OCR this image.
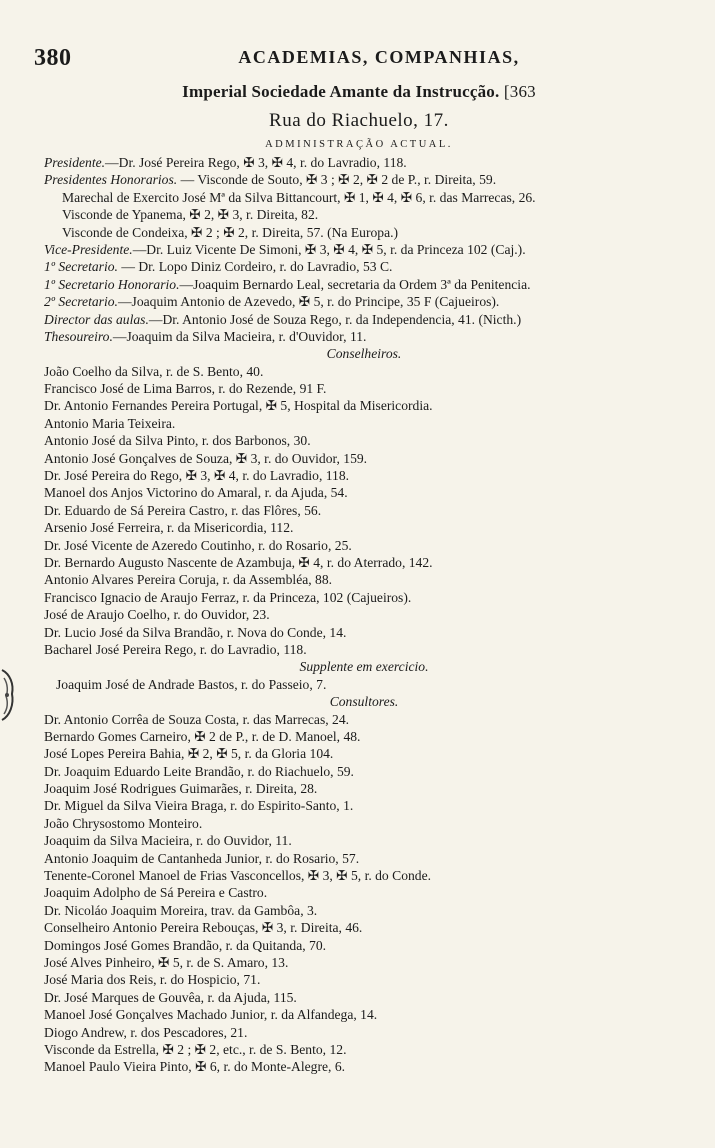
380	ACADEMIAS, COMPANHIAS,
Imperial Sociedade Amante da Instrucção. [363
Rua do Riachuelo, 17.
ADMINISTRAÇÃO ACTUAL.
Presidente.—Dr. José Pereira Rego, ✠ 3, ✠ 4, r. do Lavradio, 118.
Presidentes Honorarios. — Visconde de Souto, ✠ 3 ; ✠ 2, ✠ 2 de P., r. Direita, 59.
Marechal de Exercito José Mª da Silva Bittancourt, ✠ 1, ✠ 4, ✠ 6, r. das Marrecas, 26.
Visconde de Ypanema, ✠ 2, ✠ 3, r. Direita, 82.
Visconde de Condeixa, ✠ 2 ; ✠ 2, r. Direita, 57. (Na Europa.)
Vice-Presidente.—Dr. Luiz Vicente De Simoni, ✠ 3, ✠ 4, ✠ 5, r. da Princeza 102 (Caj.).
1º Secretario. — Dr. Lopo Diniz Cordeiro, r. do Lavradio, 53 C.
1º Secretario Honorario.—Joaquim Bernardo Leal, secretaria da Ordem 3ª da Penitencia.
2º Secretario.—Joaquim Antonio de Azevedo, ✠ 5, r. do Principe, 35 F (Cajueiros).
Director das aulas.—Dr. Antonio José de Souza Rego, r. da Independencia, 41. (Nicth.)
Thesoureiro.—Joaquim da Silva Macieira, r. d'Ouvidor, 11.
Conselheiros.
João Coelho da Silva, r. de S. Bento, 40.
Francisco José de Lima Barros, r. do Rezende, 91 F.
Dr. Antonio Fernandes Pereira Portugal, ✠ 5, Hospital da Misericordia.
Antonio Maria Teixeira.
Antonio José da Silva Pinto, r. dos Barbonos, 30.
Antonio José Gonçalves de Souza, ✠ 3, r. do Ouvidor, 159.
Dr. José Pereira do Rego, ✠ 3, ✠ 4, r. do Lavradio, 118.
Manoel dos Anjos Victorino do Amaral, r. da Ajuda, 54.
Dr. Eduardo de Sá Pereira Castro, r. das Flôres, 56.
Arsenio José Ferreira, r. da Misericordia, 112.
Dr. José Vicente de Azeredo Coutinho, r. do Rosario, 25.
Dr. Bernardo Augusto Nascente de Azambuja, ✠ 4, r. do Aterrado, 142.
Antonio Alvares Pereira Coruja, r. da Assembléa, 88.
Francisco Ignacio de Araujo Ferraz, r. da Princeza, 102 (Cajueiros).
José de Araujo Coelho, r. do Ouvidor, 23.
Dr. Lucio José da Silva Brandão, r. Nova do Conde, 14.
Bacharel José Pereira Rego, r. do Lavradio, 118.
Supplente em exercicio.
Joaquim José de Andrade Bastos, r. do Passeio, 7.
Consultores.
Dr. Antonio Corrêa de Souza Costa, r. das Marrecas, 24.
Bernardo Gomes Carneiro, ✠ 2 de P., r. de D. Manoel, 48.
José Lopes Pereira Bahia, ✠ 2, ✠ 5, r. da Gloria 104.
Dr. Joaquim Eduardo Leite Brandão, r. do Riachuelo, 59.
Joaquim José Rodrigues Guimarães, r. Direita, 28.
Dr. Miguel da Silva Vieira Braga, r. do Espirito-Santo, 1.
João Chrysostomo Monteiro.
Joaquim da Silva Macieira, r. do Ouvidor, 11.
Antonio Joaquim de Cantanheda Junior, r. do Rosario, 57.
Tenente-Coronel Manoel de Frias Vasconcellos, ✠ 3, ✠ 5, r. do Conde.
Joaquim Adolpho de Sá Pereira e Castro.
Dr. Nicoláo Joaquim Moreira, trav. da Gambôa, 3.
Conselheiro Antonio Pereira Rebouças, ✠ 3, r. Direita, 46.
Domingos José Gomes Brandão, r. da Quitanda, 70.
José Alves Pinheiro, ✠ 5, r. de S. Amaro, 13.
José Maria dos Reis, r. do Hospicio, 71.
Dr. José Marques de Gouvêa, r. da Ajuda, 115.
Manoel José Gonçalves Machado Junior, r. da Alfandega, 14.
Diogo Andrew, r. dos Pescadores, 21.
Visconde da Estrella, ✠ 2 ; ✠ 2, etc., r. de S. Bento, 12.
Manoel Paulo Vieira Pinto, ✠ 6, r. do Monte-Alegre, 6.
